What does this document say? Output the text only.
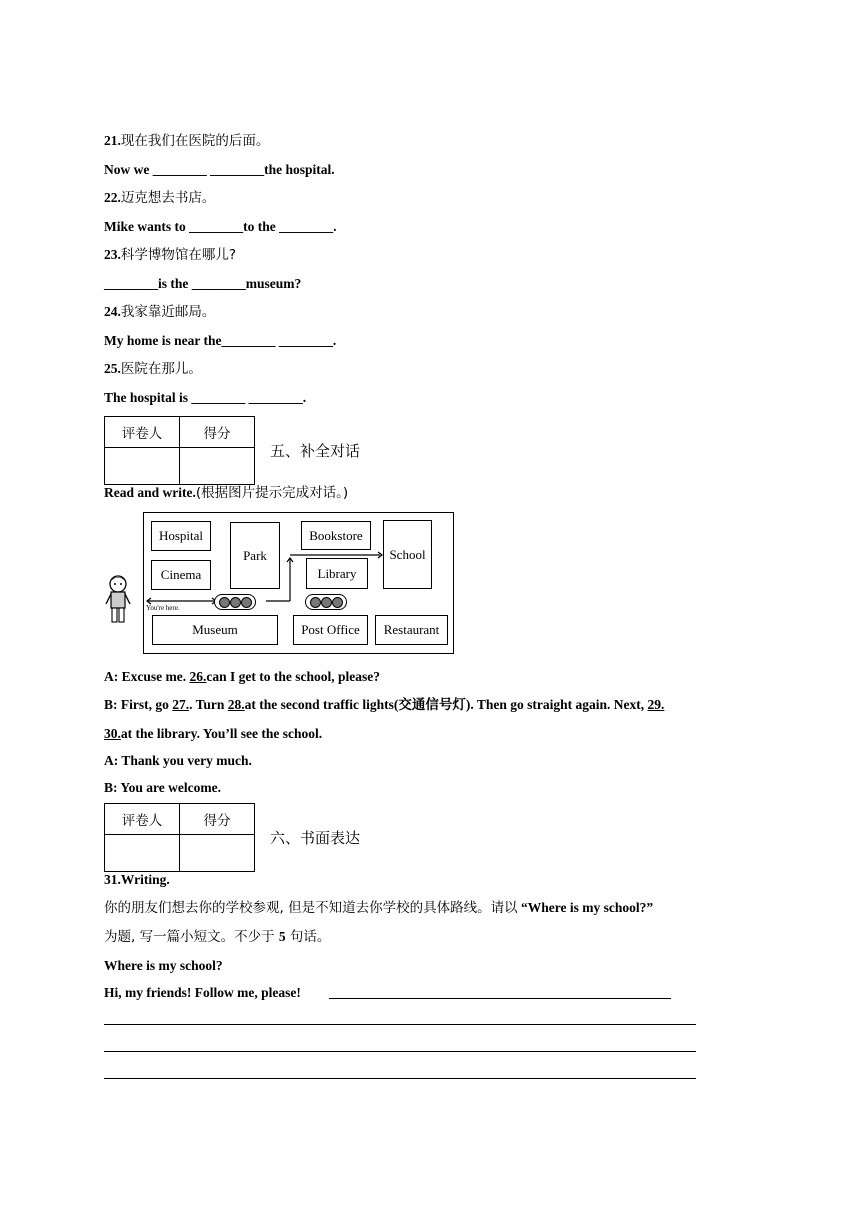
21.现在我们在医院的后面。
Now we ________ ________the hospital.
22.迈克想去书店。
Mike wants to ________to the ________.
23.科学博物馆在哪儿?
________is the ________museum?
24.我家靠近邮局。
My home is near the________ ________.
25.医院在那儿。
The hospital is ________ ________.
评卷人	得分

五、补全对话
Read and write.(根据图片提示完成对话。)
Hospital
Cinema
Park
Bookstore
Library
School
You're here.
Museum	Post Office	Restaurant
A: Excuse me. 26.can I get to the school, please?
B: First, go 27.. Turn 28.at the second traffic lights(交通信号灯). Then go straight again. Next, 29.
30.at the library. You’ll see the school.
A: Thank you very much.
B: You are welcome.
评卷人	得分

六、书面表达
31.Writing.
你的朋友们想去你的学校参观, 但是不知道去你学校的具体路线。请以 “Where is my school?”
为题, 写一篇小短文。不少于 5 句话。
Where is my school?
Hi, my friends! Follow me, please!
